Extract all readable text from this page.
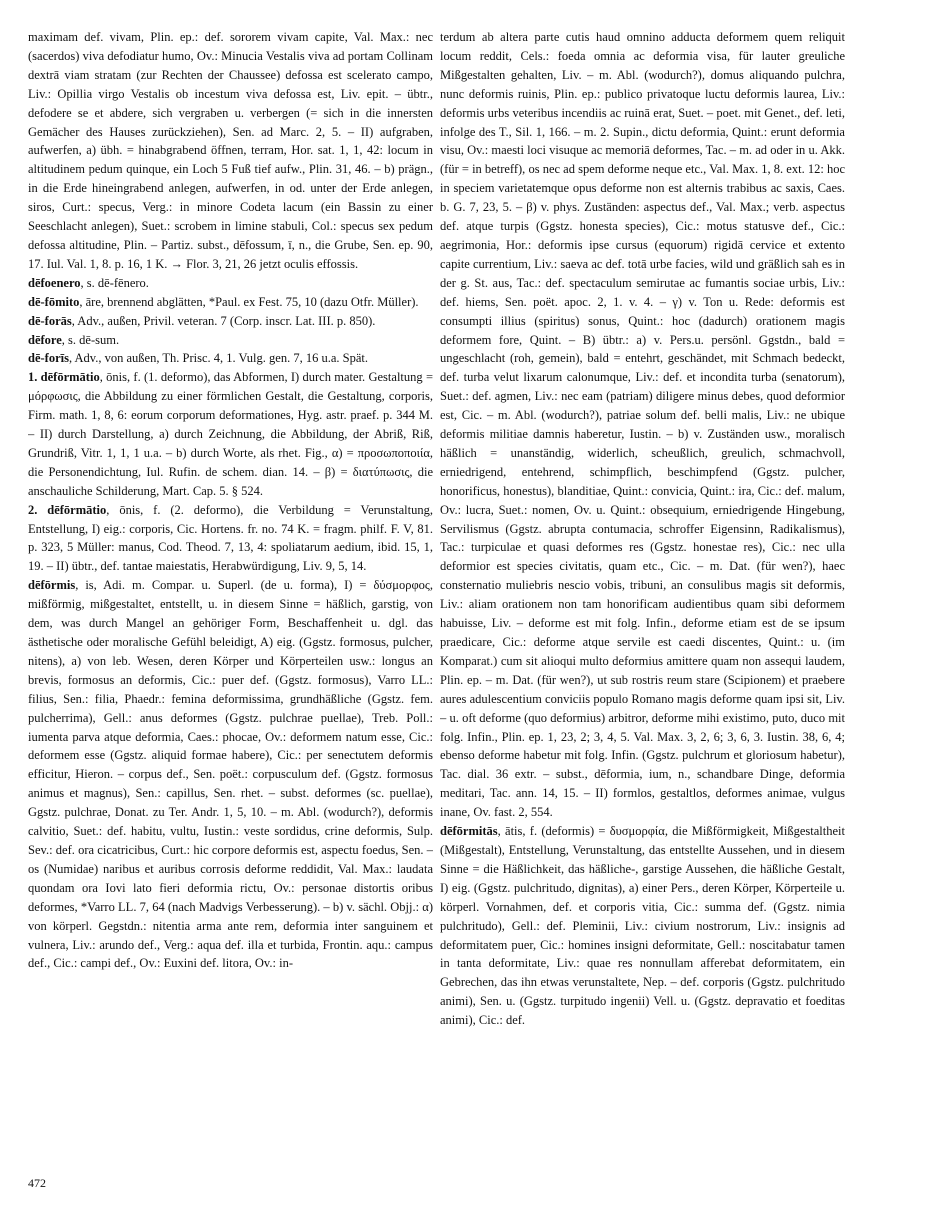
maximam def. vivam, Plin. ep.: def. sororem vivam capite, Val. Max.: nec (sacerdos) viva defodiatur humo, Ov.: Minucia Vestalis viva ad portam Collinam dextrā viam stratam (zur Rechten der Chaussee) defossa est scelerato campo, Liv.: Opillia virgo Vestalis ob incestum viva defossa est, Liv. epit. – übtr., defodere se et abdere, sich vergraben u. verbergen (= sich in die innersten Gemächer des Hauses zurückziehen), Sen. ad Marc. 2, 5. – II) aufgraben, aufwerfen, a) übh. = hinabgrabend öffnen, terram, Hor. sat. 1, 1, 42: locum in altitudinem pedum quinque, ein Loch 5 Fuß tief aufw., Plin. 31, 46. – b) prägn., in die Erde hineingrabend anlegen, aufwerfen, in od. unter der Erde anlegen, siros, Curt.: specus, Verg.: in minore Codeta lacum (ein Bassin zu einer Seeschlacht anlegen), Suet.: scrobem in limine stabuli, Col.: specus sex pedum defossa altitudine, Plin. – Partiz. subst., dēfossum, ī, n., die Grube, Sen. ep. 90, 17. Iul. Val. 1, 8. p. 16, 1 K. → Flor. 3, 21, 26 jetzt oculis effossis.

dēfoenero, s. dē-fēnero.

dē-fōmito, āre, brennend abglätten, *Paul. ex Fest. 75, 10 (dazu Otfr. Müller).

dē-forās, Adv., außen, Privil. veteran. 7 (Corp. inscr. Lat. III. p. 850).

dēfore, s. dē-sum.

dē-forīs, Adv., von außen, Th. Prisc. 4, 1. Vulg. gen. 7, 16 u.a. Spät.

1. dēfōrmātio, ōnis, f. (1. deformo), das Abformen, I) durch mater. Gestaltung = μόρφωσις, die Abbildung zu einer förmlichen Gestalt, die Gestaltung, corporis, Firm. math. 1, 8, 6: eorum corporum deformationes, Hyg. astr. praef. p. 344 M. – II) durch Darstellung, a) durch Zeichnung, die Abbildung, der Abriß, Riß, Grundriß, Vitr. 1, 1, 1 u.a. – b) durch Worte, als rhet. Fig., α) = προσωποποιία, die Personendichtung, Iul. Rufin. de schem. dian. 14. – β) = διατύπωσις, die anschauliche Schilderung, Mart. Cap. 5. § 524.

2. dēfōrmātio, ōnis, f. (2. deformo), die Verbildung = Verunstaltung, Entstellung, I) eig.: corporis, Cic. Hortens. fr. no. 74 K. = fragm. philf. F. V, 81. p. 323, 5 Müller: manus, Cod. Theod. 7, 13, 4: spoliatarum aedium, ibid. 15, 1, 19. – II) übtr., def. tantae maiestatis, Herabwürdigung, Liv. 9, 5, 14.

dēfōrmis, is, Adi. m. Compar. u. Superl. (de u. forma), I) = δύσμορφος, mißförmig, mißgestaltet, entstellt, u. in diesem Sinne = häßlich, garstig, von dem, was durch Mangel an gehöriger Form, Beschaffenheit u. dgl. das ästhetische oder moralische Gefühl beleidigt, A) eig. (Ggstz. formosus, pulcher, nitens), a) von leb. Wesen, deren Körper und Körperteilen usw.: longus an brevis, formosus an deformis, Cic.: puer def. (Ggstz. formosus), Varro LL.: filius, Sen.: filia, Phaedr.: femina deformissima, grundhäßliche (Ggstz. fem. pulcherrima), Gell.: anus deformes (Ggstz. pulchrae puellae), Treb. Poll.: iumenta parva atque deformia, Caes.: phocae, Ov.: deformem natum esse, Cic.: deformem esse (Ggstz. aliquid formae habere), Cic.: per senectutem deformis efficitur, Hieron. – corpus def., Sen. poët.: corpusculum def. (Ggstz. formosus animus et magnus), Sen.: capillus, Sen. rhet. – subst. deformes (sc. puellae), Ggstz. pulchrae, Donat. zu Ter. Andr. 1, 5, 10. – m. Abl. (wodurch?), deformis calvitio, Suet.: def. habitu, vultu, Iustin.: veste sordidus, crine deformis, Sulp. Sev.: def. ora cicatricibus, Curt.: hic corpore deformis est, aspectu foedus, Sen. – os (Numidae) naribus et auribus corrosis deforme reddidit, Val. Max.: laudata quondam ora Iovi lato fieri deformia rictu, Ov.: personae distortis oribus deformes, *Varro LL. 7, 64 (nach Madvigs Verbesserung). – b) v. sächl. Objj.: α) von körperl. Gegstdn.: nitentia arma ante rem, deformia inter sanguinem et vulnera, Liv.: arundo def., Verg.: aqua def. illa et turbida, Frontin. aqu.: campus def., Cic.: campi def., Ov.: Euxini def. litora, Ov.: in-

terdum ab altera parte cutis haud omnino adducta deformem quem reliquit locum reddit, Cels.: foeda omnia ac deformia visa, für lauter greuliche Mißgestalten gehalten, Liv. – m. Abl. (wodurch?), domus aliquando pulchra, nunc deformis ruinis, Plin. ep.: publico privatoque luctu deformis laurea, Liv.: deformis urbs veteribus incendiis ac ruinā erat, Suet. – poet. mit Genet., def. leti, infolge des T., Sil. 1, 166. – m. 2. Supin., dictu deformia, Quint.: erunt deformia visu, Ov.: maesti loci visuque ac memoriā deformes, Tac. – m. ad oder in u. Akk. (für = in betreff), os nec ad spem deforme neque etc., Val. Max. 1, 8. ext. 12: hoc in speciem varietatemque opus deforme non est alternis trabibus ac saxis, Caes. b. G. 7, 23, 5. – β) v. phys. Zuständen: aspectus def., Val. Max.; verb. aspectus def. atque turpis (Ggstz. honesta species), Cic.: motus statusve def., Cic.: aegrimonia, Hor.: deformis ipse cursus (equorum) rigidā cervice et extento capite currentium, Liv.: saeva ac def. totā urbe facies, wild und gräßlich sah es in der g. St. aus, Tac.: def. spectaculum semirutae ac fumantis sociae urbis, Liv.: def. hiems, Sen. poët. apoc. 2, 1. v. 4. – γ) v. Ton u. Rede: deformis est consumpti illius (spiritus) sonus, Quint.: hoc (dadurch) orationem magis deformem fore, Quint. – B) übtr.: a) v. Pers.u. persönl. Ggstdn., bald = ungeschlacht (roh, gemein), bald = entehrt, geschändet, mit Schmach bedeckt, def. turba velut lixarum calonumque, Liv.: def. et incondita turba (senatorum), Suet.: def. agmen, Liv.: nec eam (patriam) diligere minus debes, quod deformior est, Cic. – m. Abl. (wodurch?), patriae solum def. belli malis, Liv.: ne ubique deformis militiae damnis haberetur, Iustin. – b) v. Zuständen usw., moralisch häßlich = unanständig, widerlich, scheußlich, greulich, schmachvoll, erniedrigend, entehrend, schimpflich, beschimpfend (Ggstz. pulcher, honorificus, honestus), blanditiae, Quint.: convicia, Quint.: ira, Cic.: def. malum, Ov.: lucra, Suet.: nomen, Ov. u. Quint.: obsequium, erniedrigende Hingebung, Servilismus (Ggstz. abrupta contumacia, schroffer Eigensinn, Radikalismus), Tac.: turpiculae et quasi deformes res (Ggstz. honestae res), Cic.: nec ulla deformior est species civitatis, quam etc., Cic. – m. Dat. (für wen?), haec consternatio muliebris nescio vobis, tribuni, an consulibus magis sit deformis, Liv.: aliam orationem non tam honorificam audientibus quam sibi deformem habuisse, Liv. – deforme est mit folg. Infin., deforme etiam est de se ipsum praedicare, Cic.: deforme atque servile est caedi discentes, Quint.: u. (im Komparat.) cum sit alioqui multo deformius amittere quam non assequi laudem, Plin. ep. – m. Dat. (für wen?), ut sub rostris reum stare (Scipionem) et praebere aures adulescentium conviciis populo Romano magis deforme quam ipsi sit, Liv. – u. oft deforme (quo deformius) arbitror, deforme mihi existimo, puto, duco mit folg. Infin., Plin. ep. 1, 23, 2; 3, 4, 5. Val. Max. 3, 2, 6; 3, 6, 3. Iustin. 38, 6, 4; ebenso deforme habetur mit folg. Infin. (Ggstz. pulchrum et gloriosum habetur), Tac. dial. 36 extr. – subst., dēformia, ium, n., schandbare Dinge, deformia meditari, Tac. ann. 14, 15. – II) formlos, gestaltlos, deformes animae, vulgus inane, Ov. fast. 2, 554.

dēfōrmitās, ātis, f. (deformis) = δυσμορφία, die Mißförmigkeit, Mißgestaltheit (Mißgestalt), Entstellung, Verunstaltung, das entstellte Aussehen, und in diesem Sinne = die Häßlichkeit, das häßliche-, garstige Aussehen, die häßliche Gestalt, I) eig. (Ggstz. pulchritudo, dignitas), a) einer Pers., deren Körper, Körperteile u. körperl. Vornahmen, def. et corporis vitia, Cic.: summa def. (Ggstz. nimia pulchritudo), Gell.: def. Pleminii, Liv.: civium nostrorum, Liv.: insignis ad deformitatem puer, Cic.: homines insigni deformitate, Gell.: noscitabatur tamen in tanta deformitate, Liv.: quae res nonnullam afferebat deformitatem, ein Gebrechen, das ihn etwas verunstaltete, Nep. – def. corporis (Ggstz. pulchritudo animi), Sen. u. (Ggstz. turpitudo ingenii) Vell. u. (Ggstz. depravatio et foeditas animi), Cic.: def.

472
